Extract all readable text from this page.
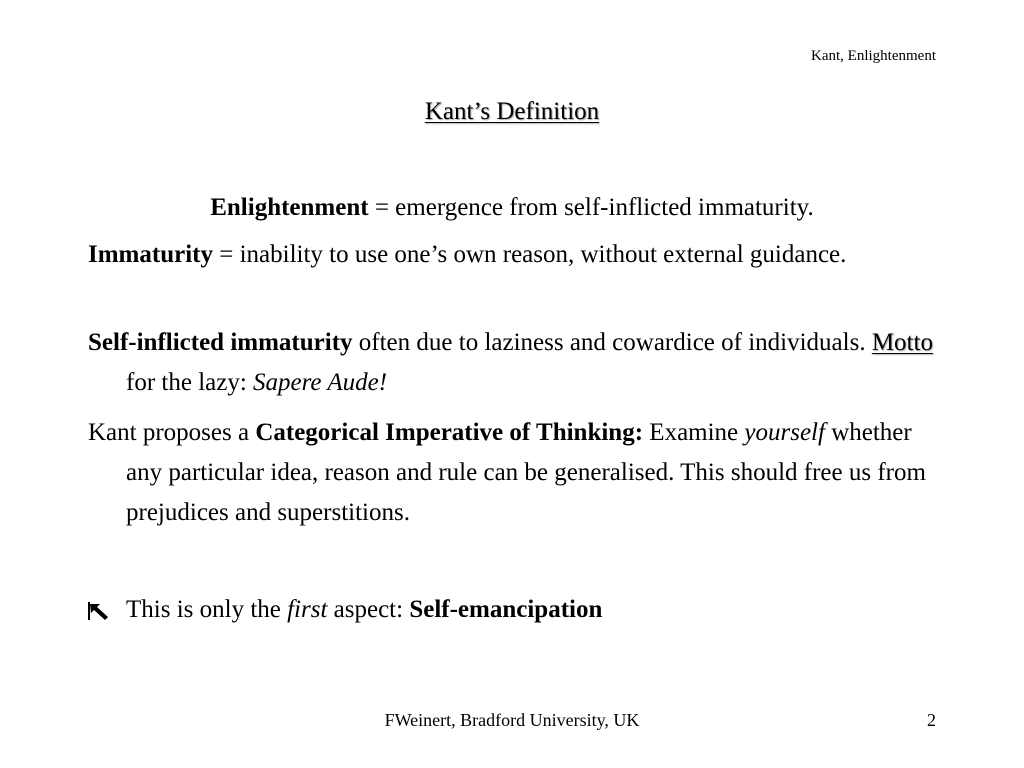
Kant, Enlightenment
Kant’s Definition
Enlightenment = emergence from self-inflicted immaturity.
Immaturity = inability to use one’s own reason, without external guidance.
Self-inflicted immaturity often due to laziness and cowardice of individuals. Motto for the lazy: Sapere Aude!
Kant proposes a Categorical Imperative of Thinking: Examine yourself whether any particular idea, reason and rule can be generalised. This should free us from prejudices and superstitions.
This is only the first aspect: Self-emancipation
FWeinert, Bradford University, UK	2
